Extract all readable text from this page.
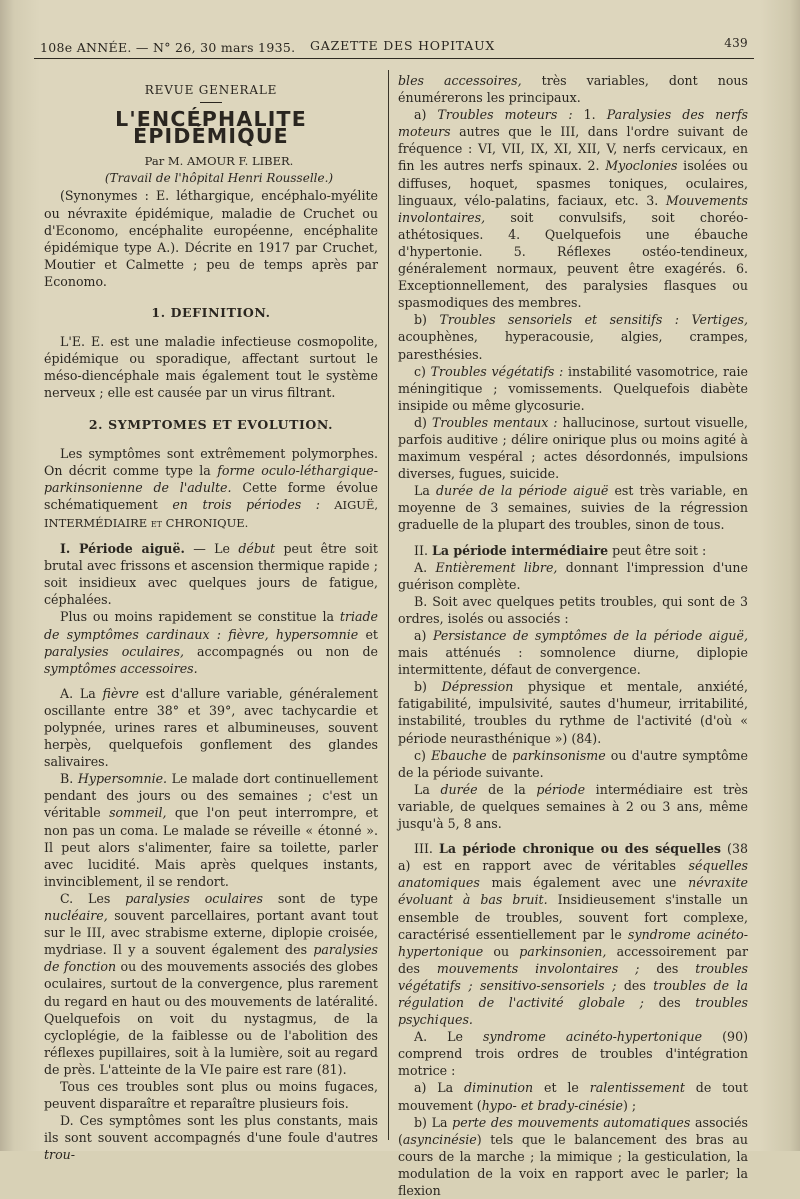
108e ANNÉE. — N° 26, 30 mars 1935. GAZETTE DES HOPITAUX	439
REVUE GENERALE
L'ENCÉPHALITE ÉPIDÉMIQUE

Par M. AMOUR F. LIBER.

(Travail de l'hôpital Henri Rousselle.)

(Synonymes : E. léthargique, encéphalo-myélite ou névraxite épidémique, maladie de Cruchet ou d'Economo, encéphalite européenne, encéphalite épidémique type A.). Décrite en 1917 par Cruchet, Moutier et Calmette ; peu de temps après par Economo.

1. DEFINITION.

L'E. E. est une maladie infectieuse cosmopolite, épidémique ou sporadique, affectant surtout le méso-diencéphale mais également tout le système nerveux ; elle est causée par un virus filtrant.

2. SYMPTOMES ET EVOLUTION.

Les symptômes sont extrêmement polymorphes. On décrit comme type la forme oculo-léthargique-parkinsonienne de l'adulte. Cette forme évolue schématiquement en trois périodes : AIGUË, INTERMÉDIAIRE et CHRONIQUE.

I. Période aiguë. — Le début peut être soit brutal avec frissons et ascension thermique rapide ; soit insidieux avec quelques jours de fatigue, céphalées.

Plus ou moins rapidement se constitue la triade de symptômes cardinaux : fièvre, hypersomnie et paralysies oculaires, accompagnés ou non de symptômes accessoires.

A. La fièvre est d'allure variable, généralement oscillante entre 38° et 39°, avec tachycardie et polypnée, urines rares et albumineuses, souvent herpès, quelquefois gonflement des glandes salivaires.

B. Hypersomnie. Le malade dort continuellement pendant des jours ou des semaines ; c'est un véritable sommeil, que l'on peut interrompre, et non pas un coma. Le malade se réveille « étonné ». Il peut alors s'alimenter, faire sa toilette, parler avec lucidité. Mais après quelques instants, invinciblement, il se rendort.

C. Les paralysies oculaires sont de type nucléaire, souvent parcellaires, portant avant tout sur le III, avec strabisme externe, diplopie croisée, mydriase. Il y a souvent également des paralysies de fonction ou des mouvements associés des globes oculaires, surtout de la convergence, plus rarement du regard en haut ou des mouvements de latéralité. Quelquefois on voit du nystagmus, de la cycloplégie, de la faiblesse ou de l'abolition des réflexes pupillaires, soit à la lumière, soit au regard de près. L'atteinte de la VIe paire est rare (81).

Tous ces troubles sont plus ou moins fugaces, peuvent disparaître et reparaître plusieurs fois.

D. Ces symptômes sont les plus constants, mais ils sont souvent accompagnés d'une foule d'autres trou-

bles accessoires, très variables, dont nous énumérerons les principaux.

a) Troubles moteurs : 1. Paralysies des nerfs moteurs autres que le III, dans l'ordre suivant de fréquence : VI, VII, IX, XI, XII, V, nerfs cervicaux, en fin les autres nerfs spinaux. 2. Myoclonies isolées ou diffuses, hoquet, spasmes toniques, oculaires, linguaux, vélo-palatins, faciaux, etc. 3. Mouvements involontaires, soit convulsifs, soit choréo-athétosiques. 4. Quelquefois une ébauche d'hypertonie. 5. Réflexes ostéo-tendineux, généralement normaux, peuvent être exagérés. 6. Exceptionnellement, des paralysies flasques ou spasmodiques des membres.

b) Troubles sensoriels et sensitifs : Vertiges, acouphènes, hyperacousie, algies, crampes, paresthésies.

c) Troubles végétatifs : instabilité vasomotrice, raie méningitique ; vomissements. Quelquefois diabète insipide ou même glycosurie.

d) Troubles mentaux : hallucinose, surtout visuelle, parfois auditive ; délire onirique plus ou moins agité à maximum vespéral ; actes désordonnés, impulsions diverses, fugues, suicide.

La durée de la période aiguë est très variable, en moyenne de 3 semaines, suivies de la régression graduelle de la plupart des troubles, sinon de tous.

II. La période intermédiaire peut être soit :

A. Entièrement libre, donnant l'impression d'une guérison complète.

B. Soit avec quelques petits troubles, qui sont de 3 ordres, isolés ou associés :

a) Persistance de symptômes de la période aiguë, mais atténués : somnolence diurne, diplopie intermittente, défaut de convergence.

b) Dépression physique et mentale, anxiété, fatigabilité, impulsivité, sautes d'humeur, irritabilité, instabilité, troubles du rythme de l'activité (d'où « période neurasthénique ») (84).

c) Ebauche de parkinsonisme ou d'autre symptôme de la période suivante.

La durée de la période intermédiaire est très variable, de quelques semaines à 2 ou 3 ans, même jusqu'à 5, 8 ans.

III. La période chronique ou des séquelles (38 a) est en rapport avec de véritables séquelles anatomiques mais également avec une névraxite évoluant à bas bruit. Insidieusement s'installe un ensemble de troubles, souvent fort complexe, caractérisé essentiellement par le syndrome acinéto-hypertonique ou parkinsonien, accessoirement par des mouvements involontaires ; des troubles végétatifs ; sensitivo-sensoriels ; des troubles de la régulation de l'activité globale ; des troubles psychiques.

A. Le syndrome acinéto-hypertonique (90) comprend trois ordres de troubles d'intégration motrice :

a) La diminution et le ralentissement de tout mouvement (hypo- et brady-cinésie) ;

b) La perte des mouvements automatiques associés (asyncinésie) tels que le balancement des bras au cours de la marche ; la mimique ; la gesticulation, la modulation de la voix en rapport avec le parler; la flexion
